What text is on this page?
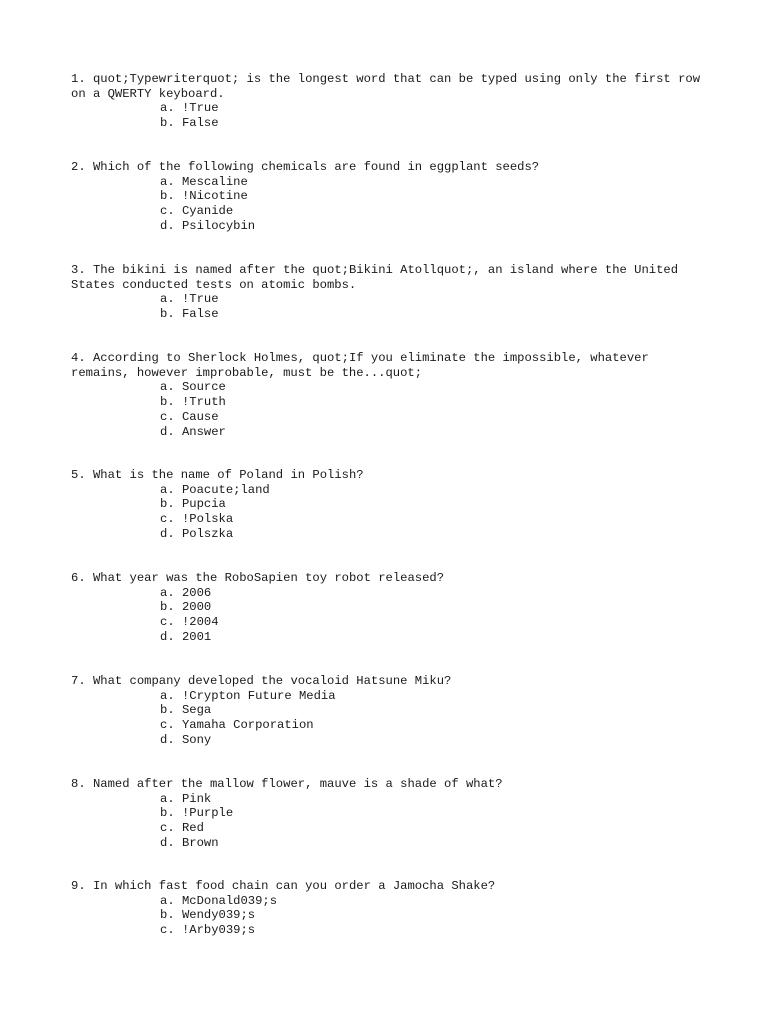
1. quot;Typewriterquot; is the longest word that can be typed using only the first row on a QWERTY keyboard.

a. !True
b. False

2. Which of the following chemicals are found in eggplant seeds?

a. Mescaline
b. !Nicotine
c. Cyanide
d. Psilocybin

3. The bikini is named after the quot;Bikini Atollquot;, an island where the United States conducted tests on atomic bombs.

a. !True
b. False

4. According to Sherlock Holmes, quot;If you eliminate the impossible, whatever remains, however improbable, must be the...quot;

a. Source
b. !Truth
c. Cause
d. Answer

5. What is the name of Poland in Polish?

a. Poacute;land
b. Pupcia
c. !Polska
d. Polszka

6. What year was the RoboSapien toy robot released?

a. 2006
b. 2000
c. !2004
d. 2001

7. What company developed the vocaloid Hatsune Miku?

a. !Crypton Future Media
b. Sega
c. Yamaha Corporation
d. Sony

8. Named after the mallow flower, mauve is a shade of what?

a. Pink
b. !Purple
c. Red
d. Brown

9. In which fast food chain can you order a Jamocha Shake?

a. McDonald039;s
b. Wendy039;s
c. !Arby039;s
